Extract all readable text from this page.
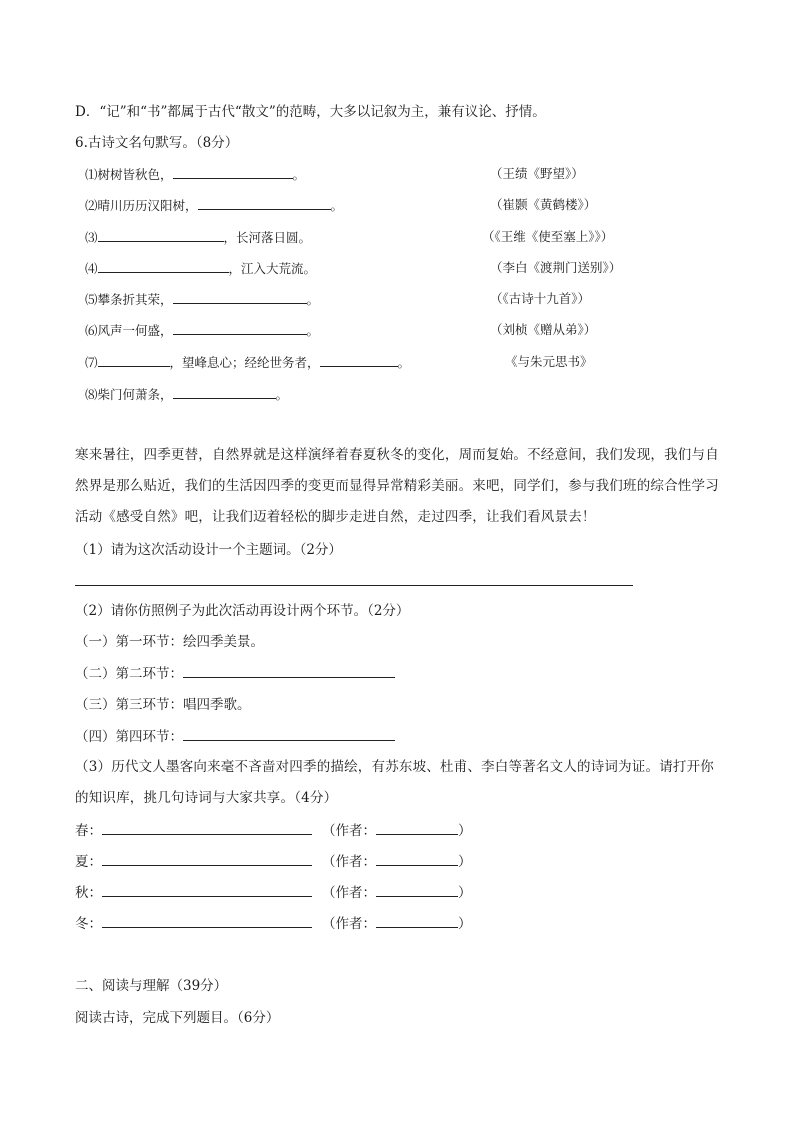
D．“记”和“书”都属于古代“散文”的范畴，大多以记叙为主，兼有议论、抒情。
6.古诗文名句默写。（8分）
⑴树树皆秋色，	。	（王绩《野望》）
⑵晴川历历汉阳树，	。	（崔颢《黄鹤楼》）
⑶	，长河落日圆。	（《王维《使至塞上》》）
⑷	，江入大荒流。	（李白《渡荆门送别》）
⑸攀条折其荣，	。	（《古诗十九首》）
⑹风声一何盛，	。	（刘桢《赠从弟》）
⑺	，望峰息心；经纶世务者，	。	《与朱元思书》
⑻柴门何萧条，	。
寒来暑往，四季更替，自然界就是这样演绎着春夏秋冬的变化，周而复始。不经意间，我们发现，我们与自然界是那么贴近，我们的生活因四季的变更而显得异常精彩美丽。来吧，同学们，参与我们班的综合性学习活动《感受自然》吧，让我们迈着轻松的脚步走进自然，走过四季，让我们看风景去！
（1）请为这次活动设计一个主题词。（2分）
（2）请你仿照例子为此次活动再设计两个环节。（2分）
（一）第一环节：绘四季美景。
（二）第二环节：
（三）第三环节：唱四季歌。
（四）第四环节：
（3）历代文人墨客向来毫不吝啬对四季的描绘，有苏东坡、杜甫、李白等著名文人的诗词为证。请打开你的知识库，挑几句诗词与大家共享。（4分）
春：	（作者：	）
夏：	（作者：	）
秋：	（作者：	）
冬：	（作者：	）
二、阅读与理解（39分）
阅读古诗，完成下列题目。（6分）
